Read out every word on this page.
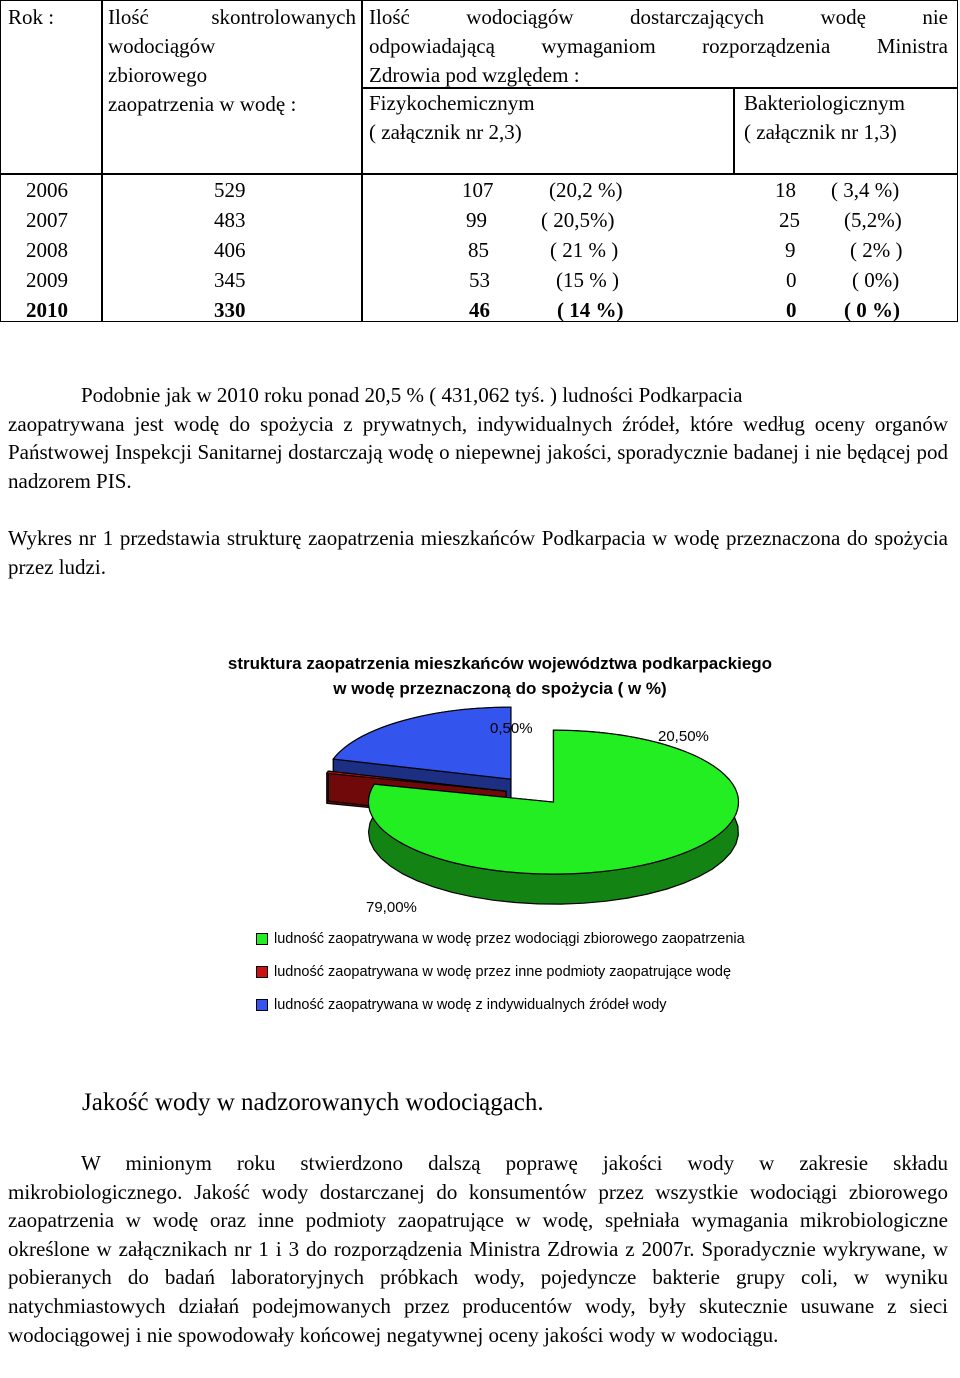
Rok :	Ilość skontrolowanych
wodociągów
zbiorowego
zaopatrzenia w wodę :
Ilość wodociągów dostarczających wodę nie
odpowiadającą wymaganiom rozporządzenia Ministra
Zdrowia pod względem :
Fizykochemicznym
( załącznik nr 2,3)
Bakteriologicznym
( załącznik nr 1,3)
2006	529	107	(20,2 %)	18 ( 3,4 %)
2007	483	99	( 20,5%)	25 (5,2%)
2008	406	85	( 21 % )	9	( 2% )
2009	345	53	(15 % )	0	( 0%)
2010	330	46	( 14 %)	0 ( 0 %)
Podobnie jak w 2010 roku ponad 20,5 % ( 431,062 tyś. ) ludności Podkarpacia
zaopatrywana jest wodę do spożycia z prywatnych, indywidualnych źródeł, które według oceny organów Państwowej Inspekcji Sanitarnej dostarczają wodę o niepewnej jakości, sporadycznie badanej i nie będącej pod nadzorem PIS.
Wykres nr 1 przedstawia strukturę zaopatrzenia mieszkańców Podkarpacia w wodę przeznaczona do spożycia przez ludzi.
struktura zaopatrzenia mieszkańców województwa podkarpackiego
w wodę przeznaczoną do spożycia ( w %)
0,50%	20,50%
79,00%
ludność zaopatrywana w wodę przez wodociągi zbiorowego zaopatrzenia
ludność zaopatrywana w wodę przez inne podmioty zaopatrujące wodę
ludność zaopatrywana w wodę z indywidualnych źródeł wody
Jakość wody w nadzorowanych wodociągach.
W minionym roku stwierdzono dalszą poprawę jakości wody w zakresie składu
mikrobiologicznego. Jakość wody dostarczanej do konsumentów przez wszystkie wodociągi zbiorowego zaopatrzenia w wodę oraz inne podmioty zaopatrujące w wodę, spełniała wymagania mikrobiologiczne określone w załącznikach nr 1 i 3 do rozporządzenia Ministra Zdrowia z 2007r. Sporadycznie wykrywane, w pobieranych do badań laboratoryjnych próbkach wody, pojedyncze bakterie grupy coli, w wyniku natychmiastowych działań podejmowanych przez producentów wody, były skutecznie usuwane z sieci wodociągowej i nie spowodowały końcowej negatywnej oceny jakości wody w wodociągu.
